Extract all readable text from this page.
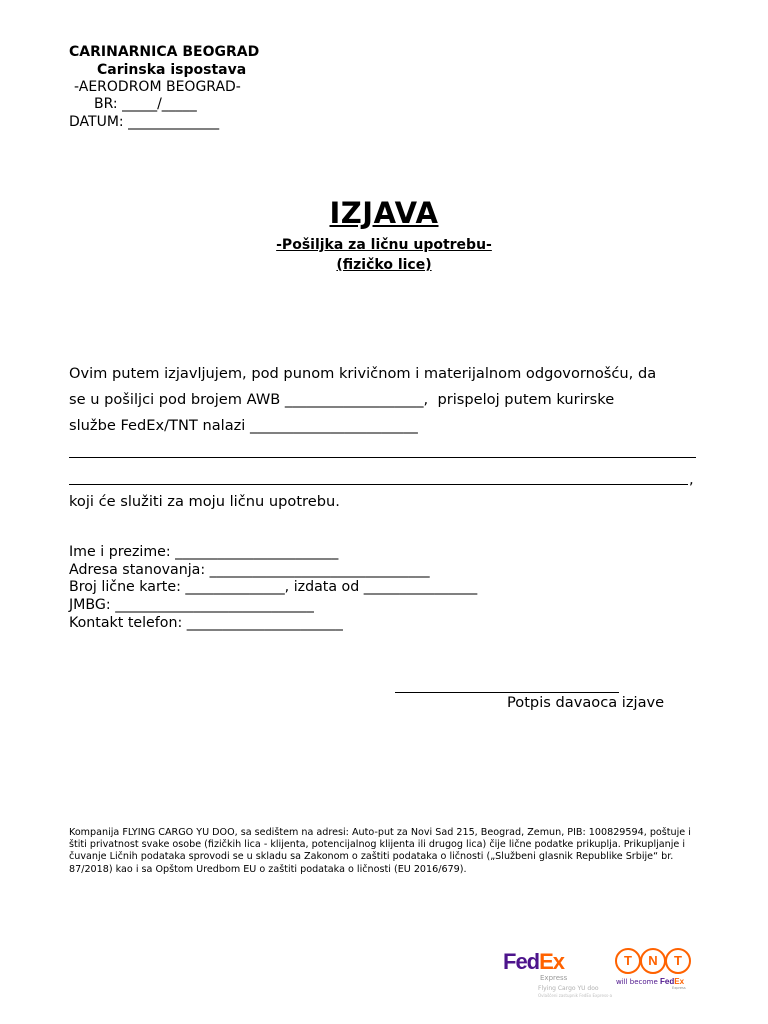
CARINARNICA BEOGRAD
Carinska ispostava
-AERODROM BEOGRAD-
BR: _____/_____
DATUM: _____________
IZJAVA
-Pošiljka za ličnu upotrebu-
(fizičko lice)
Ovim putem izjavljujem, pod punom krivičnom i materijalnom odgovornošću, da
se u pošiljci pod brojem AWB ___________________,  prispeloj putem kurirske
službe FedEx/TNT nalazi _______________________
,
koji će služiti za moju ličnu upotrebu.
Ime i prezime: _______________________
Adresa stanovanja: _______________________________
Broj lične karte: ______________, izdata od ________________
JMBG: ____________________________
Kontakt telefon: ______________________
Potpis davaoca izjave
Kompanija FLYING CARGO YU DOO, sa sedištem na adresi: Auto-put za Novi Sad 215, Beograd, Zemun, PIB: 100829594, poštuje i štiti privatnost svake osobe (fizičkih lica - klijenta, potencijalnog klijenta ili drugog lica) čije lične podatke prikuplja. Prikupljanje i čuvanje Ličnih podataka sprovodi se u skladu sa Zakonom o zaštiti podataka o ličnosti („Službeni glasnik Republike Srbije“ br. 87/2018) kao i sa Opštom Uredbom EU o zaštiti podataka o ličnosti (EU 2016/679).
FedEx
Express
Flying Cargo YU doo
Ovlašćeni zastupnik FedEx Express-a
T	N	T
will become FedEx
Express
